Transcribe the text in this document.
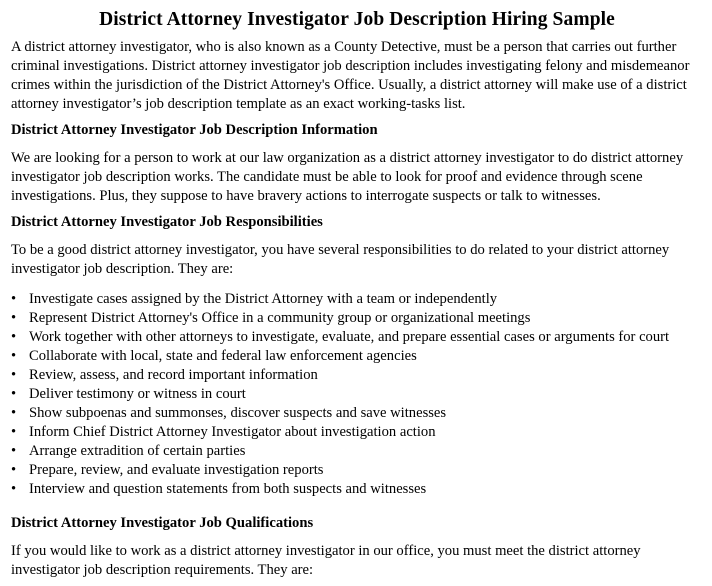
District Attorney Investigator Job Description Hiring Sample

A district attorney investigator, who is also known as a County Detective, must be a person that carries out further criminal investigations. District attorney investigator job description includes investigating felony and misdemeanor crimes within the jurisdiction of the District Attorney's Office. Usually, a district attorney will make use of a district attorney investigator’s job description template as an exact working-tasks list.

District Attorney Investigator Job Description Information

We are looking for a person to work at our law organization as a district attorney investigator to do district attorney investigator job description works. The candidate must be able to look for proof and evidence through scene investigations. Plus, they suppose to have bravery actions to interrogate suspects or talk to witnesses.

District Attorney Investigator Job Responsibilities

To be a good district attorney investigator, you have several responsibilities to do related to your district attorney investigator job description. They are:

• Investigate cases assigned by the District Attorney with a team or independently
• Represent District Attorney's Office in a community group or organizational meetings
• Work together with other attorneys to investigate, evaluate, and prepare essential cases or arguments for court
• Collaborate with local, state and federal law enforcement agencies
• Review, assess, and record important information
• Deliver testimony or witness in court
• Show subpoenas and summonses, discover suspects and save witnesses
• Inform Chief District Attorney Investigator about investigation action
• Arrange extradition of certain parties
• Prepare, review, and evaluate investigation reports
• Interview and question statements from both suspects and witnesses
District Attorney Investigator Job Qualifications

If you would like to work as a district attorney investigator in our office, you must meet the district attorney investigator job description requirements. They are:
